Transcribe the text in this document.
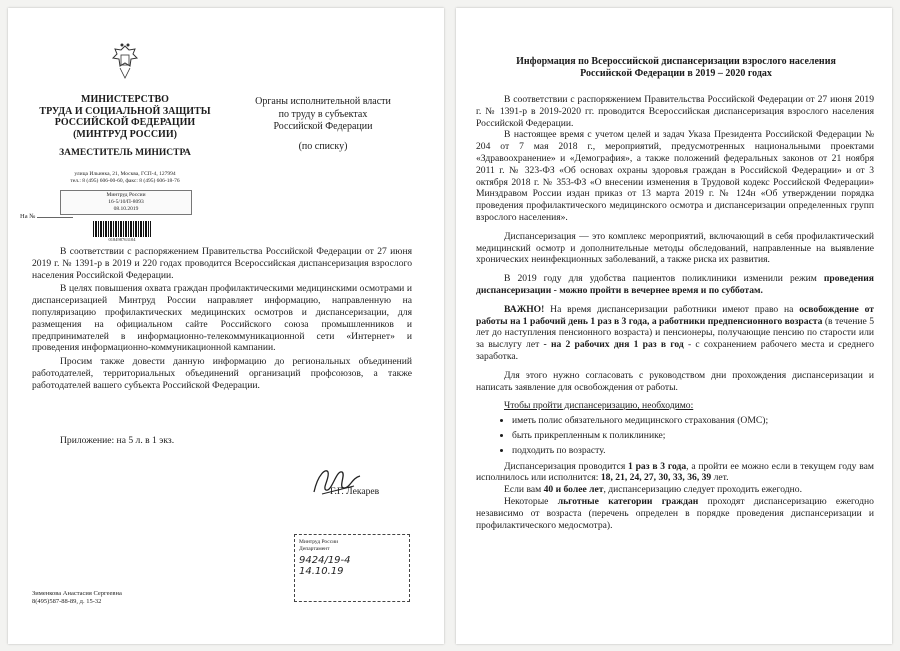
МИНИСТЕРСТВО
ТРУДА И СОЦИАЛЬНОЙ ЗАЩИТЫ
РОССИЙСКОЙ ФЕДЕРАЦИИ
(МИНТРУД РОССИИ)
ЗАМЕСТИТЕЛЬ МИНИСТРА
улица Ильинка, 21, Москва, ГСП-4, 127994
тел.: 8 (495) 606-00-60, факс: 8 (495) 606-18-76
Минтруд России
16-5/10/П-8093
08.10.2019
На №
018498763104
Органы исполнительной власти
по труду в субъектах
Российской Федерации
(по списку)

В соответствии с распоряжением Правительства Российской Федерации от 27 июня 2019 г. № 1391-р в 2019 и 220 годах проводится Всероссийская диспансеризация взрослого населения Российской Федерации.

В целях повышения охвата граждан профилактическими медицинскими осмотрами и диспансеризацией Минтруд России направляет информацию, направленную на популяризацию профилактических медицинских осмотров и диспансеризации, для размещения на официальном сайте Российского союза промышленников и предпринимателей в информационно-телекоммуникационной сети «Интернет» и проведения информационно-коммуникационной кампании.

Просим также довести данную информацию до региональных объединений работодателей, территориальных объединений организаций профсоюзов, а также работодателей вашего субъекта Российской Федерации.

Приложение: на 5 л. в 1 экз.
Г.Г. Лекарев
Минтруд России
Департамент
9424/19-4
14.10.19
Зименкова Анастасия Сергеевна
8(495)587-88-89, д. 15-32
Информация по Всероссийской диспансеризации взрослого населения
Российской Федерации в 2019 – 2020 годах

В соответствии с распоряжением Правительства Российской Федерации от 27 июня 2019 г. № 1391-р в 2019-2020 гг. проводится Всероссийская диспансеризация взрослого населения Российской Федерации.

В настоящее время с учетом целей и задач Указа Президента Российской Федерации № 204 от 7 мая 2018 г., мероприятий, предусмотренных национальными проектами «Здравоохранение» и «Демография», а также положений федеральных законов от 21 ноября 2011 г. № 323-ФЗ «Об основах охраны здоровья граждан в Российской Федерации» и от 3 октября 2018 г. № 353-ФЗ «О внесении изменения в Трудовой кодекс Российской Федерации» Минздравом России издан приказ от 13 марта 2019 г. № 124н «Об утверждении порядка проведения профилактического медицинского осмотра и диспансеризации определенных групп взрослого населения».

Диспансеризация — это комплекс мероприятий, включающий в себя профилактический медицинский осмотр и дополнительные методы обследований, направленные на выявление хронических неинфекционных заболеваний, а также риска их развития.

В 2019 году для удобства пациентов поликлиники изменили режим проведения диспансеризации - можно пройти в вечернее время и по субботам.

ВАЖНО! На время диспансеризации работники имеют право на освобождение от работы на 1 рабочий день 1 раз в 3 года, а работники предпенсионного возраста (в течение 5 лет до наступления пенсионного возраста) и пенсионеры, получающие пенсию по старости или за выслугу лет - на 2 рабочих дня 1 раз в год - с сохранением рабочего места и среднего заработка.

Для этого нужно согласовать с руководством дни прохождения диспансеризации и написать заявление для освобождения от работы.

Чтобы пройти диспансеризацию, необходимо:

• иметь полис обязательного медицинского страхования (ОМС);
• быть прикрепленным к поликлинике;
• подходить по возрасту.

Диспансеризация проводится 1 раз в 3 года, а пройти ее можно если в текущем году вам исполнилось или исполнится: 18, 21, 24, 27, 30, 33, 36, 39 лет.

Если вам 40 и более лет, диспансеризацию следует проходить ежегодно.

Некоторые льготные категории граждан проходят диспансеризацию ежегодно независимо от возраста (перечень определен в порядке проведения диспансеризации и профилактического медосмотра).
